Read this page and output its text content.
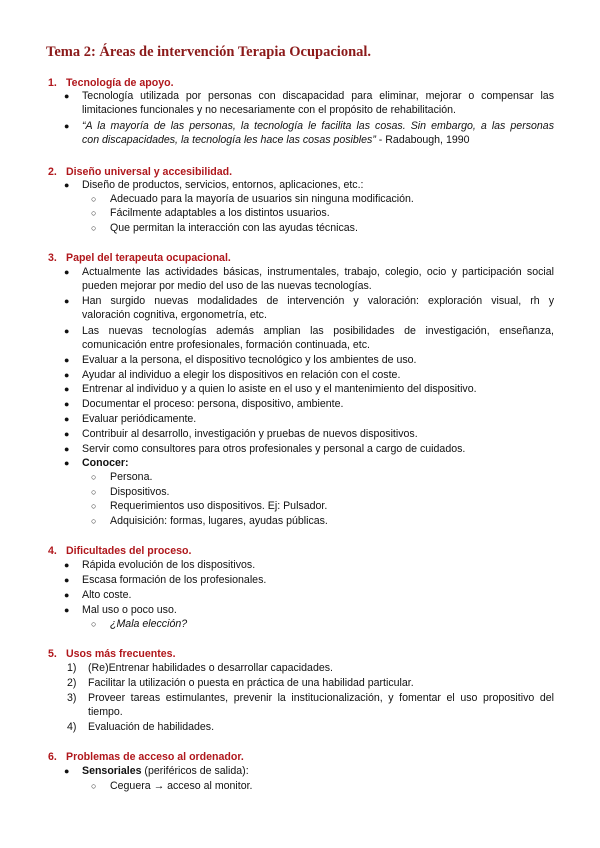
Tema 2: Áreas de intervención Terapia Ocupacional.
1. Tecnología de apoyo.
● Tecnología utilizada por personas con discapacidad para eliminar, mejorar o compensar las
limitaciones funcionales y no necesariamente con el propósito de rehabilitación.
● “A la mayoría de las personas, la tecnología le facilita las cosas. Sin embargo, a las personas
con discapacidades, la tecnología les hace las cosas posibles” - Radabough, 1990
2. Diseño universal y accesibilidad.
● Diseño de productos, servicios, entornos, aplicaciones, etc.:
○ Adecuado para la mayoría de usuarios sin ninguna modificación.
○ Fácilmente adaptables a los distintos usuarios.
○ Que permitan la interacción con las ayudas técnicas.
3. Papel del terapeuta ocupacional.
● Actualmente las actividades básicas, instrumentales, trabajo, colegio, ocio y participación social
pueden mejorar por medio del uso de las nuevas tecnologías.
● Han surgido nuevas modalidades de intervención y valoración: exploración visual, rh y
valoración cognitiva, ergonometría, etc.
● Las nuevas tecnologías además amplian las posibilidades de investigación, enseñanza,
comunicación entre profesionales, formación continuada, etc.
● Evaluar a la persona, el dispositivo tecnológico y los ambientes de uso.
● Ayudar al individuo a elegir los dispositivos en relación con el coste.
● Entrenar al individuo y a quien lo asiste en el uso y el mantenimiento del dispositivo.
● Documentar el proceso: persona, dispositivo, ambiente.
● Evaluar periódicamente.
● Contribuir al desarrollo, investigación y pruebas de nuevos dispositivos.
● Servir como consultores para otros profesionales y personal a cargo de cuidados.
● Conocer:
○ Persona.
○ Dispositivos.
○ Requerimientos uso dispositivos. Ej: Pulsador.
○ Adquisición: formas, lugares, ayudas públicas.
4. Dificultades del proceso.
● Rápida evolución de los dispositivos.
● Escasa formación de los profesionales.
● Alto coste.
● Mal uso o poco uso.
○ ¿Mala elección?
5. Usos más frecuentes.
1) (Re)Entrenar habilidades o desarrollar capacidades.
2) Facilitar la utilización o puesta en práctica de una habilidad particular.
3) Proveer tareas estimulantes, prevenir la institucionalización, y fomentar el uso propositivo del
tiempo.
4) Evaluación de habilidades.
6. Problemas de acceso al ordenador.
● Sensoriales (periféricos de salida):
○ Ceguera → acceso al monitor.
